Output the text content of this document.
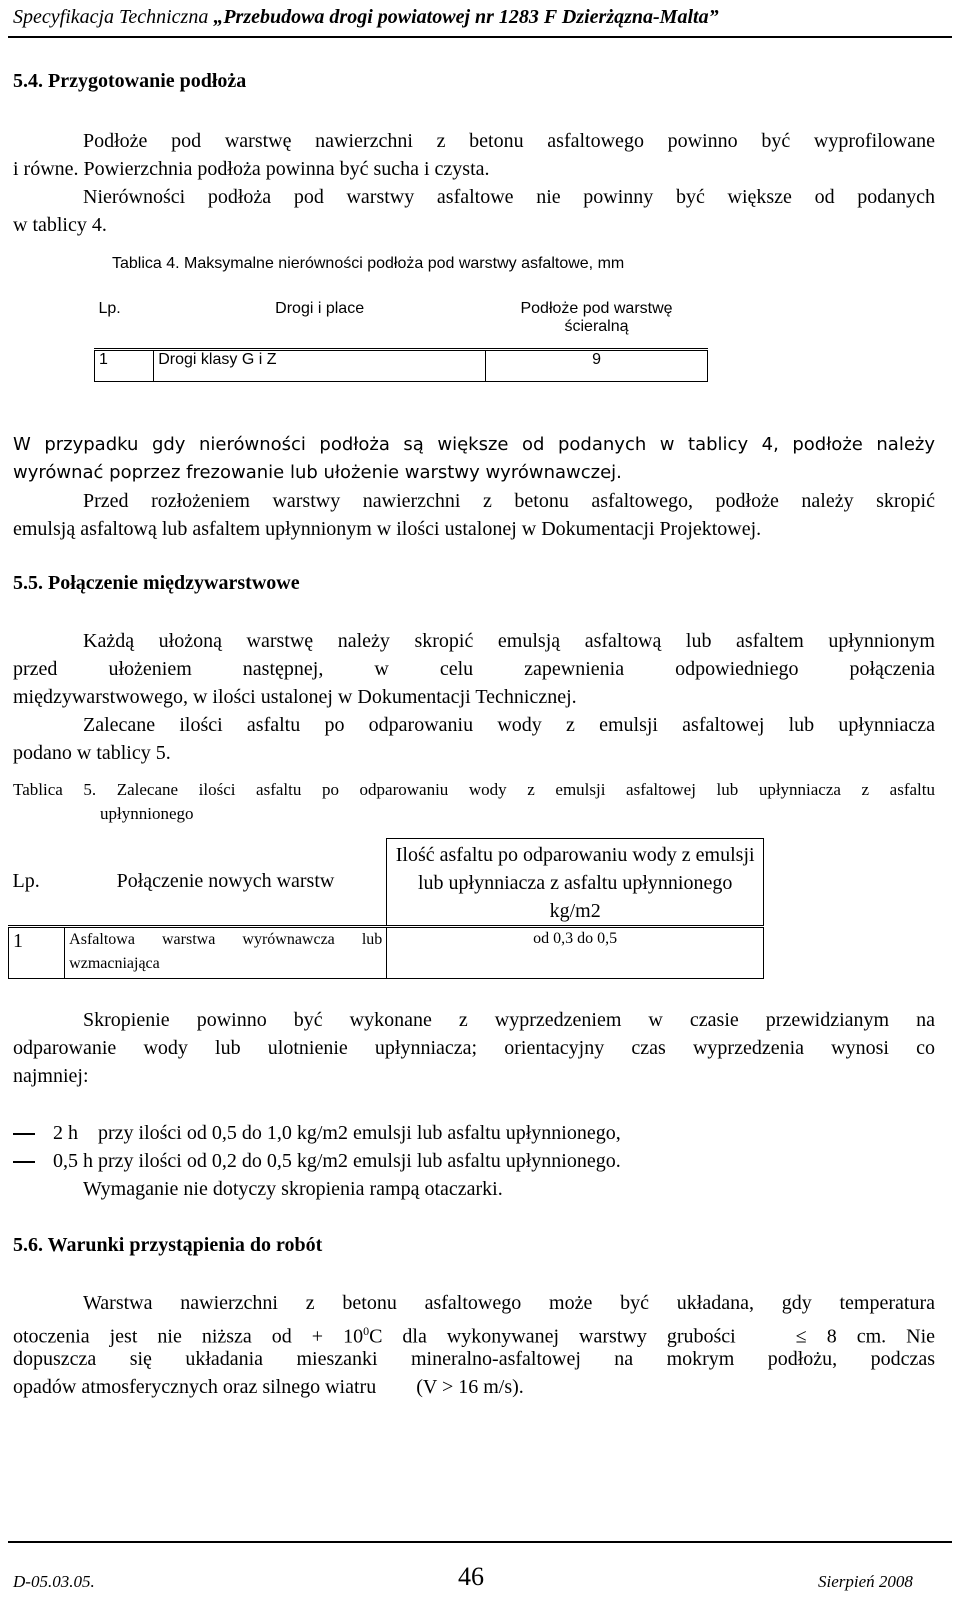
Specyfikacja Techniczna „Przebudowa drogi powiatowej nr 1283 F Dzierżązna-Malta”
5.4. Przygotowanie podłoża
Podłoże pod warstwę nawierzchni z betonu asfaltowego powinno być wyprofilowane
i równe. Powierzchnia podłoża powinna być sucha i czysta.
Nierówności podłoża pod warstwy asfaltowe nie powinny być większe od podanych
w tablicy 4.
Tablica 4. Maksymalne nierówności podłoża pod warstwy asfaltowe, mm
Lp.	Drogi i place	Podłoże pod warstwę ścieralną
1	Drogi klasy G i Z	9
W przypadku gdy nierówności podłoża są większe od podanych w tablicy 4, podłoże należy
wyrównać poprzez frezowanie lub ułożenie warstwy wyrównawczej.
Przed rozłożeniem warstwy nawierzchni z betonu asfaltowego, podłoże należy skropić
emulsją asfaltową lub asfaltem upłynnionym w ilości ustalonej w Dokumentacji Projektowej.
5.5. Połączenie międzywarstwowe
Każdą ułożoną warstwę należy skropić emulsją asfaltową lub asfaltem upłynnionym
przed ułożeniem następnej, w celu zapewnienia odpowiedniego połączenia
międzywarstwowego, w ilości ustalonej w Dokumentacji Technicznej.
Zalecane ilości asfaltu po odparowaniu wody z emulsji asfaltowej lub upłynniacza
podano w tablicy 5.
Tablica 5. Zalecane ilości asfaltu po odparowaniu wody z emulsji asfaltowej lub upłynniacza z asfaltu
upłynnionego
Lp.	Połączenie nowych warstw	Ilość asfaltu po odparowaniu wody z emulsji lub upłynniacza z asfaltu upłynnionego kg/m2
1	Asfaltowa warstwa wyrównawcza lub wzmacniająca	od 0,3 do 0,5
Skropienie powinno być wykonane z wyprzedzeniem w czasie przewidzianym na
odparowanie wody lub ulotnienie upłynniacza; orientacyjny czas wyprzedzenia wynosi co
najmniej:
2 h    przy ilości od 0,5 do 1,0 kg/m2 emulsji lub asfaltu upłynnionego,
0,5 h przy ilości od 0,2 do 0,5 kg/m2 emulsji lub asfaltu upłynnionego.
Wymaganie nie dotyczy skropienia rampą otaczarki.
5.6. Warunki przystąpienia do robót
Warstwa nawierzchni z betonu asfaltowego może być układana, gdy temperatura
otoczenia jest nie niższa od + $10^0C$ dla wykonywanej warstwy grubości   ≤ 8 cm. Nie
dopuszcza się układania mieszanki mineralno-asfaltowej na mokrym podłożu, podczas
opadów atmosferycznych oraz silnego wiatru        (V > 16 m/s).
D-05.03.05.	46	Sierpień 2008
